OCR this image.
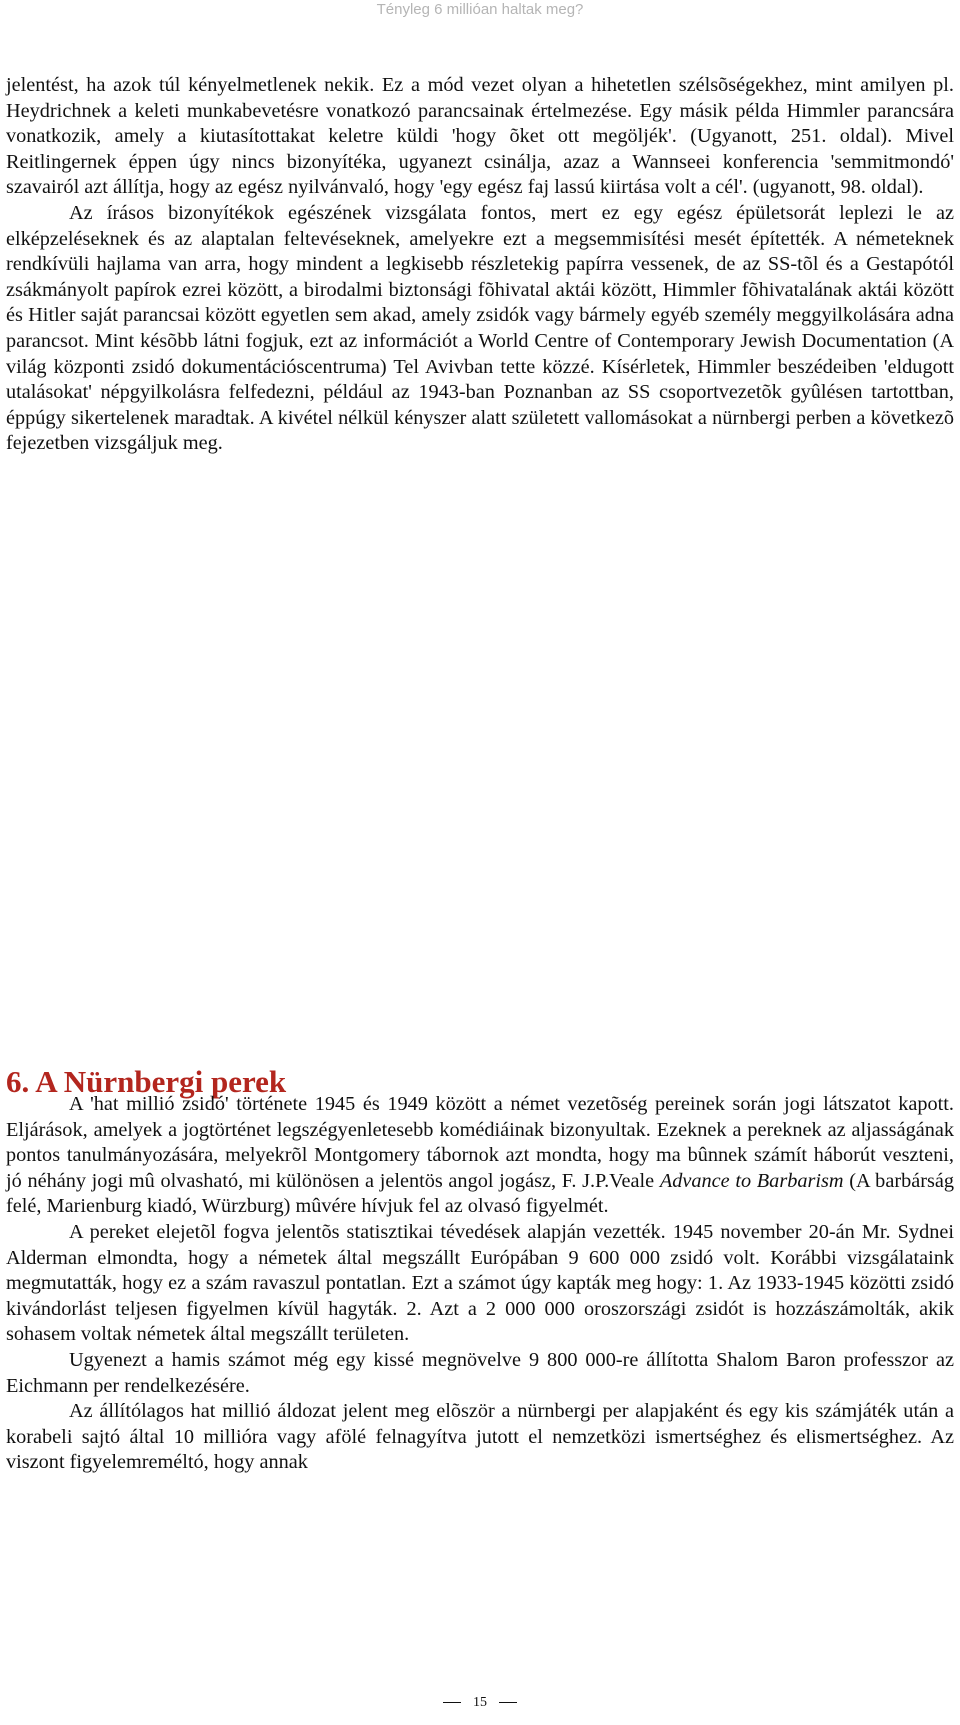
Tényleg 6 millióan haltak meg?

jelentést, ha azok túl kényelmetlenek nekik. Ez a mód vezet olyan a hihetetlen szélsõségekhez, mint amilyen pl. Heydrichnek a keleti munkabevetésre vonatkozó parancsainak értelmezése. Egy másik példa Himmler parancsára vonatkozik, amely a kiutasítottakat keletre küldi 'hogy õket ott megöljék'. (Ugyanott, 251. oldal). Mivel Reitlingernek éppen úgy nincs bizonyítéka, ugyanezt csinálja, azaz a Wannseei konferencia 'semmitmondó' szavairól azt állítja, hogy az egész nyilvánvaló, hogy 'egy egész faj lassú kiirtása volt a cél'. (ugyanott, 98. oldal).

Az írásos bizonyítékok egészének vizsgálata fontos, mert ez egy egész épületsorát leplezi le az elképzeléseknek és az alaptalan feltevéseknek, amelyekre ezt a megsemmisítési mesét építették. A németeknek rendkívüli hajlama van arra, hogy mindent a legkisebb részletekig papírra vessenek, de az SS-tõl és a Gestapótól zsákmányolt papírok ezrei között, a birodalmi biztonsági fõhivatal aktái között, Himmler fõhivatalának aktái között és Hitler saját parancsai között egyetlen sem akad, amely zsidók vagy bármely egyéb személy meggyilkolására adna parancsot. Mint késõbb látni fogjuk, ezt az információt a World Centre of Contemporary Jewish Documentation (A világ központi zsidó dokumentációscentruma) Tel Avivban tette közzé. Kísérletek, Himmler beszédeiben 'eldugott utalásokat' népgyilkolásra felfedezni, például az 1943-ban Poznanban az SS csoportvezetõk gyûlésen tartottban, éppúgy sikertelenek maradtak. A kivétel nélkül kényszer alatt született vallomásokat a nürnbergi perben a következõ fejezetben vizsgáljuk meg.

6. A Nürnbergi perek

A 'hat millió zsidó' története 1945 és 1949 között a német vezetõség pereinek során jogi látszatot kapott. Eljárások, amelyek a jogtörténet legszégyenletesebb komédiáinak bizonyultak. Ezeknek a pereknek az aljasságának pontos tanulmányozására, melyekrõl Montgomery tábornok azt mondta, hogy ma bûnnek számít háborút veszteni, jó néhány jogi mû olvasható, mi különösen a jelentös angol jogász, F. J.P.Veale Advance to Barbarism (A barbárság felé, Marienburg kiadó, Würzburg) mûvére hívjuk fel az olvasó figyelmét.

A pereket elejetõl fogva jelentõs statisztikai tévedések alapján vezették. 1945 november 20-án Mr. Sydnei Alderman elmondta, hogy a németek által megszállt Európában 9 600 000 zsidó volt. Korábbi vizsgálataink megmutatták, hogy ez a szám ravaszul pontatlan. Ezt a számot úgy kapták meg hogy: 1. Az 1933-1945 közötti zsidó kivándorlást teljesen figyelmen kívül hagyták. 2. Azt a 2 000 000 oroszországi zsidót is hozzászámolták, akik sohasem voltak németek által megszállt területen.

Ugyenezt a hamis számot még egy kissé megnövelve 9 800 000-re állította Shalom Baron professzor az Eichmann per rendelkezésére.

Az állítólagos hat millió áldozat jelent meg elõször a nürnbergi per alapjaként és egy kis számjáték után a korabeli sajtó által 10 millióra vagy afölé felnagyítva jutott el nemzetközi ismertséghez és elismertséghez. Az viszont figyelemreméltó, hogy annak

15
